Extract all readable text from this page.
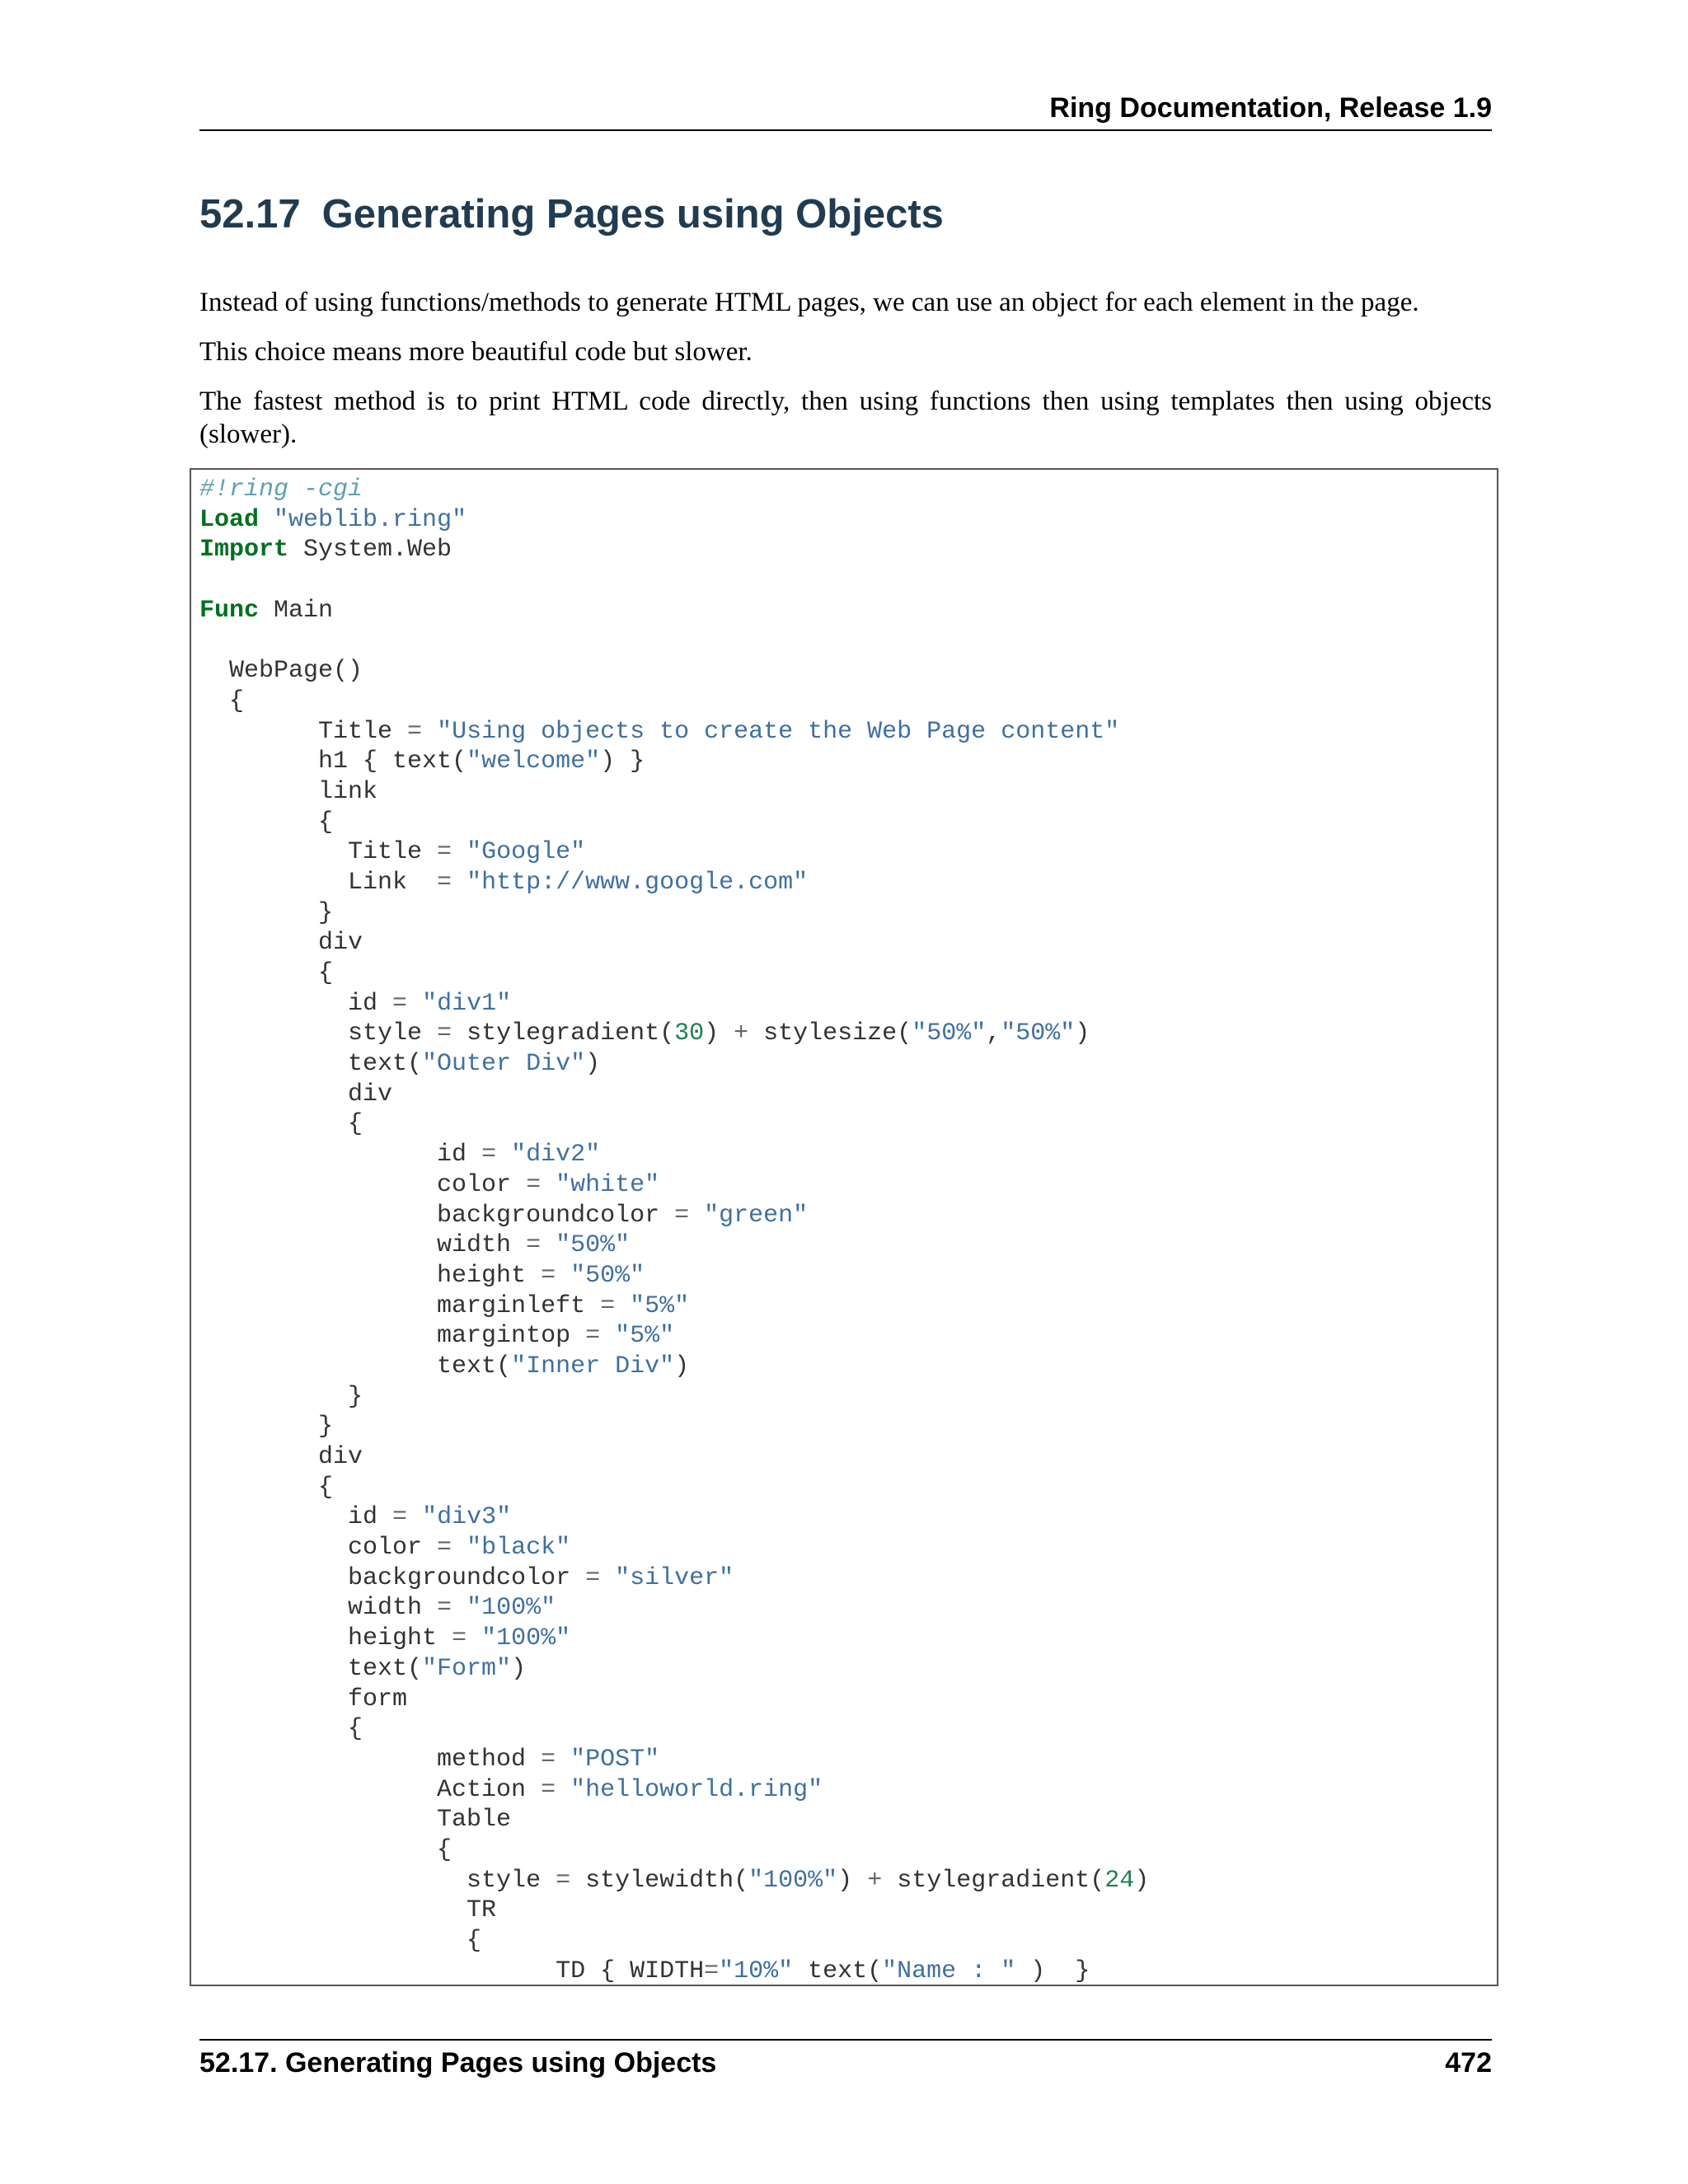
Ring Documentation, Release 1.9
52.17 Generating Pages using Objects

Instead of using functions/methods to generate HTML pages, we can use an object for each element in the page.

This choice means more beautiful code but slower.

The fastest method is to print HTML code directly, then using functions then using templates then using objects (slower).

#!ring -cgi
Load "weblib.ring"
Import System.Web

Func Main

WebPage()
{
Title = "Using objects to create the Web Page content"
h1 { text("welcome") }
link
{
Title = "Google"
Link  = "http://www.google.com"
}
div
{
id = "div1"
style = stylegradient(30) + stylesize("50%","50%")
text("Outer Div")
div
{
id = "div2"
color = "white"
backgroundcolor = "green"
width = "50%"
height = "50%"
marginleft = "5%"
margintop = "5%"
text("Inner Div")
}
}
div
{
id = "div3"
color = "black"
backgroundcolor = "silver"
width = "100%"
height = "100%"
text("Form")
form
{
method = "POST"
Action = "helloworld.ring"
Table
{
style = stylewidth("100%") + stylegradient(24)
TR
{
TD { WIDTH="10%" text("Name : " )  }
52.17. Generating Pages using Objects	472
